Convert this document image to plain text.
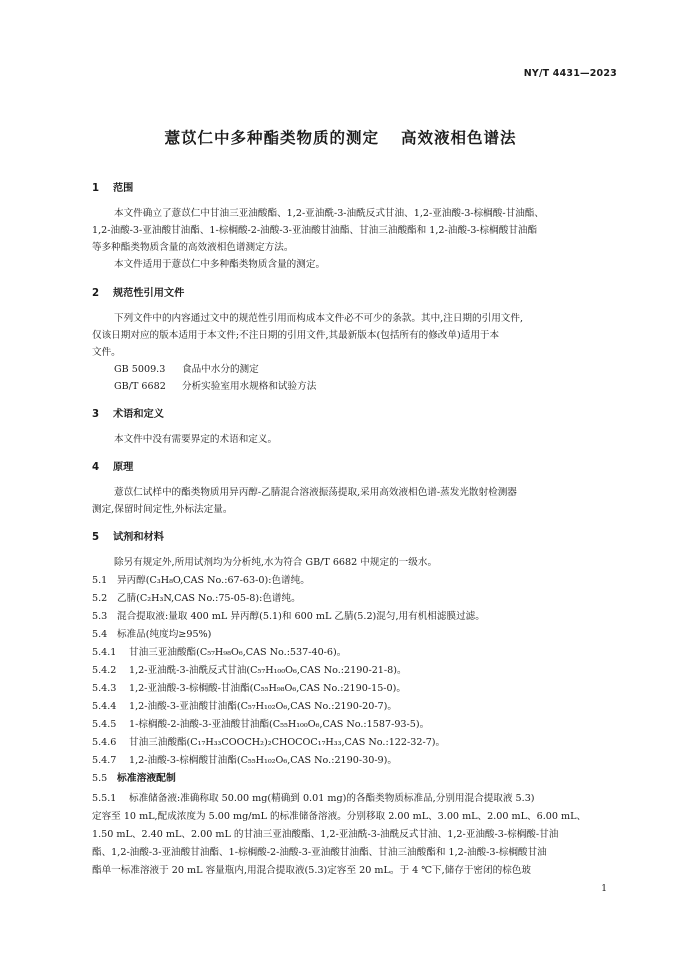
NY/T 4431—2023
薏苡仁中多种酯类物质的测定 高效液相色谱法
1 范围
本文件确立了薏苡仁中甘油三亚油酸酯、1,2-亚油酰-3-油酰反式甘油、1,2-亚油酸-3-棕榈酸-甘油酯、
1,2-油酸-3-亚油酸甘油酯、1-棕榈酸-2-油酸-3-亚油酸甘油酯、甘油三油酸酯和 1,2-油酸-3-棕榈酸甘油酯
等多种酯类物质含量的高效液相色谱测定方法。
本文件适用于薏苡仁中多种酯类物质含量的测定。
2 规范性引用文件
下列文件中的内容通过文中的规范性引用而构成本文件必不可少的条款。其中,注日期的引用文件,
仅该日期对应的版本适用于本文件;不注日期的引用文件,其最新版本(包括所有的修改单)适用于本
文件。
GB 5009.3 食品中水分的测定
GB/T 6682 分析实验室用水规格和试验方法
3 术语和定义
本文件中没有需要界定的术语和定义。
4 原理
薏苡仁试样中的酯类物质用异丙醇-乙腈混合溶液振荡提取,采用高效液相色谱-蒸发光散射检测器
测定,保留时间定性,外标法定量。
5 试剂和材料
除另有规定外,所用试剂均为分析纯,水为符合 GB/T 6682 中规定的一级水。
5.1 异丙醇(C₃H₈O,CAS No.:67-63-0):色谱纯。
5.2 乙腈(C₂H₃N,CAS No.:75-05-8):色谱纯。
5.3 混合提取液:量取 400 mL 异丙醇(5.1)和 600 mL 乙腈(5.2)混匀,用有机相滤膜过滤。
5.4 标准品(纯度均≥95%)
5.4.1 甘油三亚油酸酯(C₅₇H₉₈O₆,CAS No.:537-40-6)。
5.4.2 1,2-亚油酰-3-油酰反式甘油(C₅₇H₁₀₀O₆,CAS No.:2190-21-8)。
5.4.3 1,2-亚油酸-3-棕榈酸-甘油酯(C₅₅H₉₈O₆,CAS No.:2190-15-0)。
5.4.4 1,2-油酸-3-亚油酸甘油酯(C₅₇H₁₀₂O₆,CAS No.:2190-20-7)。
5.4.5 1-棕榈酸-2-油酸-3-亚油酸甘油酯(C₅₅H₁₀₀O₆,CAS No.:1587-93-5)。
5.4.6 甘油三油酸酯(C₁₇H₃₃COOCH₂)₂CHOCOC₁₇H₃₃,CAS No.:122-32-7)。
5.4.7 1,2-油酸-3-棕榈酸甘油酯(C₅₅H₁₀₂O₆,CAS No.:2190-30-9)。
5.5 标准溶液配制
5.5.1 标准储备液:准确称取 50.00 mg(精确到 0.01 mg)的各酯类物质标准品,分别用混合提取液 5.3)
定容至 10 mL,配成浓度为 5.00 mg/mL 的标准储备溶液。分别移取 2.00 mL、3.00 mL、2.00 mL、6.00 mL、
1.50 mL、2.40 mL、2.00 mL 的甘油三亚油酸酯、1,2-亚油酰-3-油酰反式甘油、1,2-亚油酸-3-棕榈酸-甘油
酯、1,2-油酸-3-亚油酸甘油酯、1-棕榈酸-2-油酸-3-亚油酸甘油酯、甘油三油酸酯和 1,2-油酸-3-棕榈酸甘油
酯单一标准溶液于 20 mL 容量瓶内,用混合提取液(5.3)定容至 20 mL。于 4 ℃下,储存于密闭的棕色玻
1
